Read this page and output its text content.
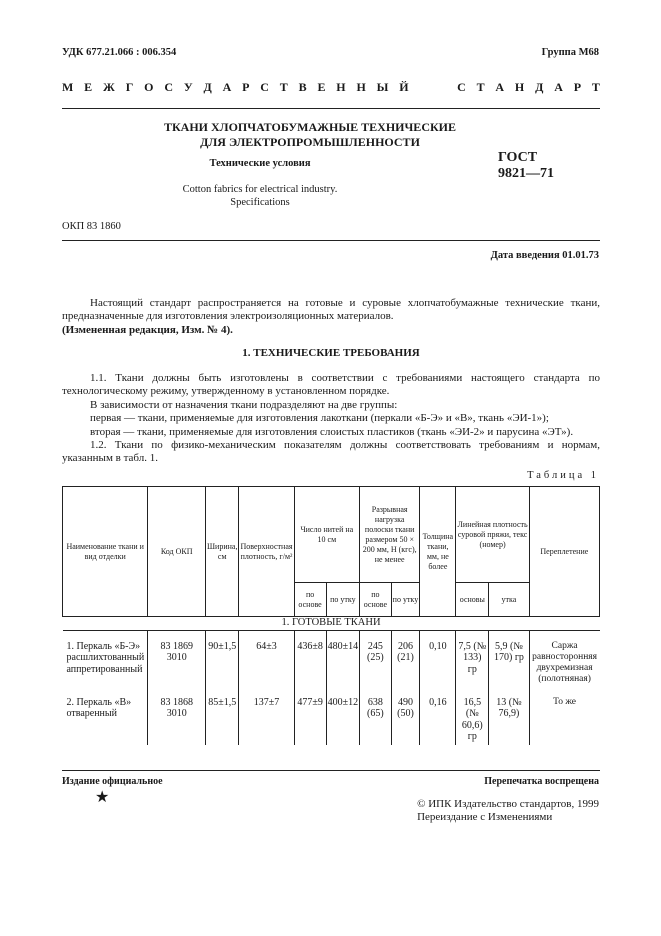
УДК 677.21.066 : 006.354	Группа М68
М Е Ж Г О С У Д А Р С Т В Е Н Н Ы Й	С Т А Н Д А Р Т
ТКАНИ ХЛОПЧАТОБУМАЖНЫЕ ТЕХНИЧЕСКИЕ
ДЛЯ ЭЛЕКТРОПРОМЫШЛЕННОСТИ
Технические условия
Cotton fabrics for electrical industry.
Specifications
ГОСТ
9821—71
ОКП 83 1860
Дата введения 01.01.73
Настоящий стандарт распространяется на готовые и суровые хлопчатобумажные технические ткани, предназначенные для изготовления электроизоляционных материалов.
(Измененная редакция, Изм. № 4).
1. ТЕХНИЧЕСКИЕ ТРЕБОВАНИЯ
1.1. Ткани должны быть изготовлены в соответствии с требованиями настоящего стандарта по технологическому режиму, утвержденному в установленном порядке.
В зависимости от назначения ткани подразделяют на две группы:
первая — ткани, применяемые для изготовления лакоткани (перкали «Б-Э» и «В», ткань «ЭИ-1»);
вторая — ткани, применяемые для изготовления слоистых пластиков (ткань «ЭИ-2» и парусина «ЭТ»).
1.2. Ткани по физико-механическим показателям должны соответствовать требованиям и нормам, указанным в табл. 1.
Таблица 1
Наименование ткани и вид отделки	Код ОКП	Ширина, см	Поверхностная плотность, г/м²	Число нитей на 10 см		Разрывная нагрузка полоски ткани размером 50 × 200 мм, Н (кгс), не менее		Толщина ткани, мм, не более	Линейная плотность суровой пряжи, текс (номер)		Переплетение
				по основе	по утку	по основе	по утку		основы	утка	
1. ГОТОВЫЕ ТКАНИ											
1. Перкаль «Б-Э» расшлихтованный аппретированный	83 1869 3010	90±1,5	64±3	436±8	480±14	245 (25)	206 (21)	0,10	7,5 (№ 133) гр	5,9 (№ 170) гр	Саржа равносторонняя двухремизная (полотняная)
2. Перкаль «В» отваренный	83 1868 3010	85±1,5	137±7	477±9	400±12	638 (65)	490 (50)	0,16	16,5 (№ 60,6) гр	13 (№ 76,9)	То же
Издание официальное	Перепечатка воспрещена
★	© ИПК Издательство стандартов, 1999
Переиздание с Изменениями
